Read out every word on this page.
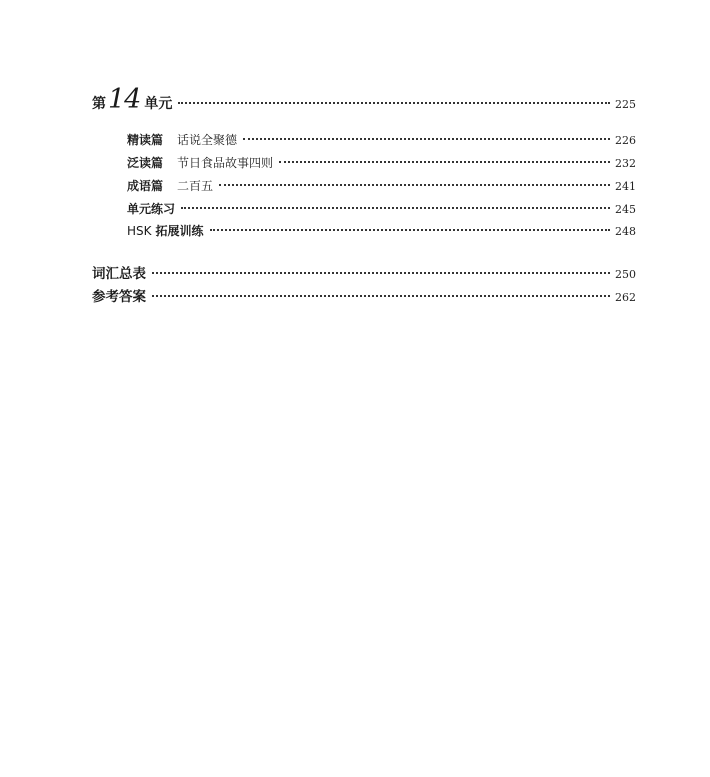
第 14 单元	225
精读篇 话说全聚德	226
泛读篇 节日食品故事四则	232
成语篇 二百五	241
单元练习	245
HSK 拓展训练	248
词汇总表	250
参考答案	262
